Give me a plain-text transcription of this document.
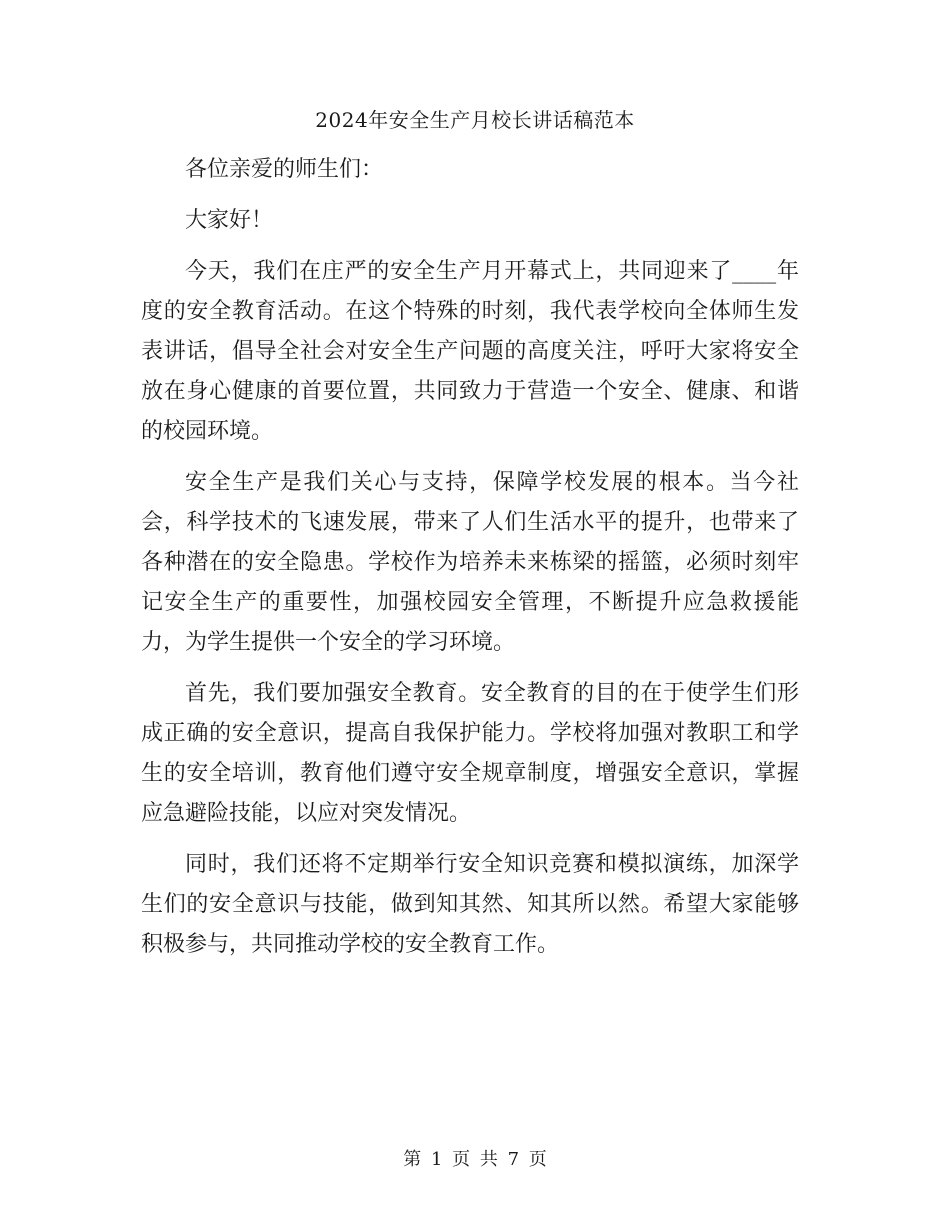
2024年安全生产月校长讲话稿范本

各位亲爱的师生们：

大家好！

今天，我们在庄严的安全生产月开幕式上，共同迎来了____年度的安全教育活动。在这个特殊的时刻，我代表学校向全体师生发表讲话，倡导全社会对安全生产问题的高度关注，呼吁大家将安全放在身心健康的首要位置，共同致力于营造一个安全、健康、和谐的校园环境。

安全生产是我们关心与支持，保障学校发展的根本。当今社会，科学技术的飞速发展，带来了人们生活水平的提升，也带来了各种潜在的安全隐患。学校作为培养未来栋梁的摇篮，必须时刻牢记安全生产的重要性，加强校园安全管理，不断提升应急救援能力，为学生提供一个安全的学习环境。

首先，我们要加强安全教育。安全教育的目的在于使学生们形成正确的安全意识，提高自我保护能力。学校将加强对教职工和学生的安全培训，教育他们遵守安全规章制度，增强安全意识，掌握应急避险技能，以应对突发情况。

同时，我们还将不定期举行安全知识竞赛和模拟演练，加深学生们的安全意识与技能，做到知其然、知其所以然。希望大家能够积极参与，共同推动学校的安全教育工作。

第 1 页 共 7 页
